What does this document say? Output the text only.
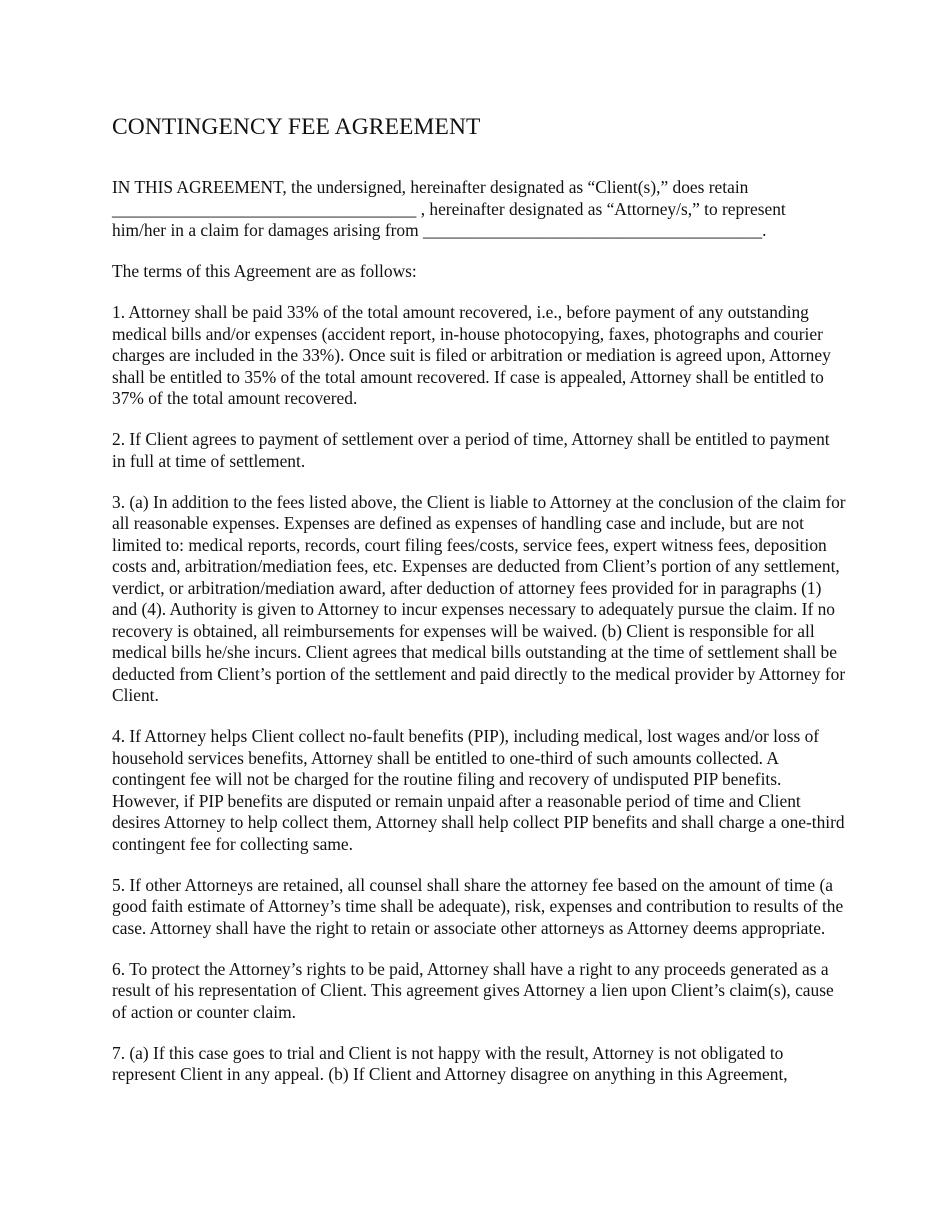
CONTINGENCY FEE AGREEMENT

IN THIS AGREEMENT, the undersigned, hereinafter designated as “Client(s),” does retain
___________________________________ , hereinafter designated as “Attorney/s,” to represent
him/her in a claim for damages arising from _______________________________________.

The terms of this Agreement are as follows:

1. Attorney shall be paid 33% of the total amount recovered, i.e., before payment of any outstanding medical bills and/or expenses (accident report, in-house photocopying, faxes, photographs and courier charges are included in the 33%). Once suit is filed or arbitration or mediation is agreed upon, Attorney shall be entitled to 35% of the total amount recovered. If case is appealed, Attorney shall be entitled to 37% of the total amount recovered.

2. If Client agrees to payment of settlement over a period of time, Attorney shall be entitled to payment in full at time of settlement.

3. (a) In addition to the fees listed above, the Client is liable to Attorney at the conclusion of the claim for all reasonable expenses. Expenses are defined as expenses of handling case and include, but are not limited to: medical reports, records, court filing fees/costs, service fees, expert witness fees, deposition costs and, arbitration/mediation fees, etc. Expenses are deducted from Client’s portion of any settlement, verdict, or arbitration/mediation award, after deduction of attorney fees provided for in paragraphs (1) and (4). Authority is given to Attorney to incur expenses necessary to adequately pursue the claim. If no recovery is obtained, all reimbursements for expenses will be waived. (b) Client is responsible for all medical bills he/she incurs. Client agrees that medical bills outstanding at the time of settlement shall be deducted from Client’s portion of the settlement and paid directly to the medical provider by Attorney for Client.

4. If Attorney helps Client collect no-fault benefits (PIP), including medical, lost wages and/or loss of household services benefits, Attorney shall be entitled to one-third of such amounts collected. A contingent fee will not be charged for the routine filing and recovery of undisputed PIP benefits. However, if PIP benefits are disputed or remain unpaid after a reasonable period of time and Client desires Attorney to help collect them, Attorney shall help collect PIP benefits and shall charge a one-third contingent fee for collecting same.

5. If other Attorneys are retained, all counsel shall share the attorney fee based on the amount of time (a good faith estimate of Attorney’s time shall be adequate), risk, expenses and contribution to results of the case. Attorney shall have the right to retain or associate other attorneys as Attorney deems appropriate.

6. To protect the Attorney’s rights to be paid, Attorney shall have a right to any proceeds generated as a result of his representation of Client. This agreement gives Attorney a lien upon Client’s claim(s), cause of action or counter claim.

7. (a) If this case goes to trial and Client is not happy with the result, Attorney is not obligated to represent Client in any appeal. (b) If Client and Attorney disagree on anything in this Agreement,
